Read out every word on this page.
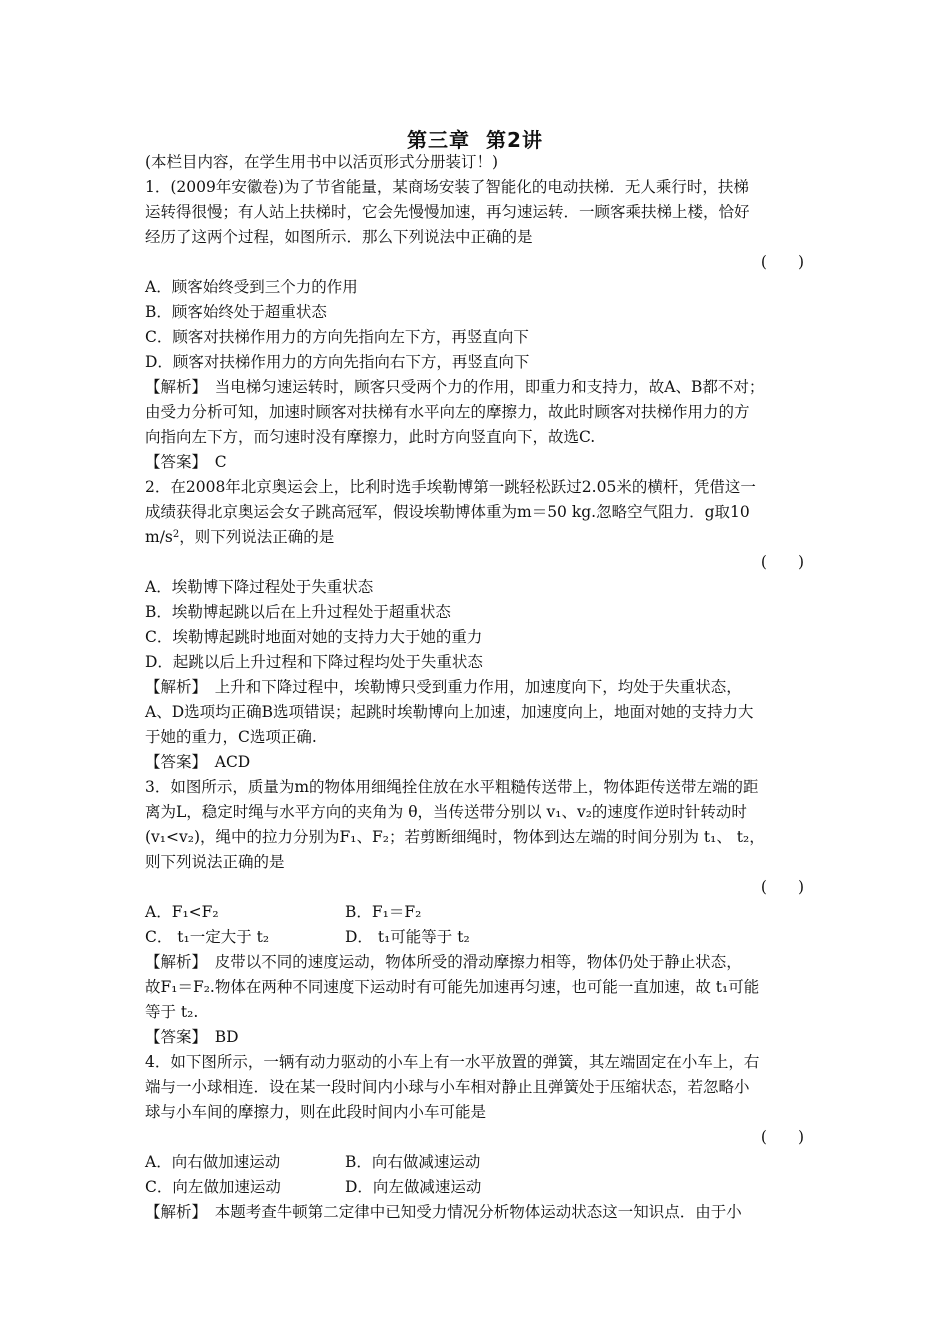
第三章 第2讲
(本栏目内容，在学生用书中以活页形式分册装订！)
1．(2009年安徽卷)为了节省能量，某商场安装了智能化的电动扶梯．无人乘行时，扶梯
运转得很慢；有人站上扶梯时，它会先慢慢加速，再匀速运转．一顾客乘扶梯上楼，恰好
经历了这两个过程，如图所示．那么下列说法中正确的是
(　　)
A．顾客始终受到三个力的作用
B．顾客始终处于超重状态
C．顾客对扶梯作用力的方向先指向左下方，再竖直向下
D．顾客对扶梯作用力的方向先指向右下方，再竖直向下
【解析】　当电梯匀速运转时，顾客只受两个力的作用，即重力和支持力，故A、B都不对；
由受力分析可知，加速时顾客对扶梯有水平向左的摩擦力，故此时顾客对扶梯作用力的方
向指向左下方，而匀速时没有摩擦力，此时方向竖直向下，故选C.
【答案】　C
2．在2008年北京奥运会上，比利时选手埃勒博第一跳轻松跃过2.05米的横杆，凭借这一
成绩获得北京奥运会女子跳高冠军，假设埃勒博体重为m＝50 kg.忽略空气阻力．g取10
$m/s^2$，则下列说法正确的是
(　　)
A．埃勒博下降过程处于失重状态
B．埃勒博起跳以后在上升过程处于超重状态
C．埃勒博起跳时地面对她的支持力大于她的重力
D．起跳以后上升过程和下降过程均处于失重状态
【解析】　上升和下降过程中，埃勒博只受到重力作用，加速度向下，均处于失重状态，
A、D选项均正确B选项错误；起跳时埃勒博向上加速，加速度向上，地面对她的支持力大
于她的重力，C选项正确.
【答案】　ACD
3．如图所示，质量为m的物体用细绳拴住放在水平粗糙传送带上，物体距传送带左端的距
离为L，稳定时绳与水平方向的夹角为 θ，当传送带分别以 v₁、v₂的速度作逆时针转动时
(v₁<v₂)，绳中的拉力分别为F₁、F₂；若剪断细绳时，物体到达左端的时间分别为 t₁、 t₂，
则下列说法正确的是
(　　)
A．F₁<F₂	B．F₁＝F₂
C． t₁一定大于 t₂	D． t₁可能等于 t₂
【解析】　皮带以不同的速度运动，物体所受的滑动摩擦力相等，物体仍处于静止状态，
故F₁＝F₂.物体在两种不同速度下运动时有可能先加速再匀速，也可能一直加速，故 t₁可能
等于 t₂.
【答案】　BD
4．如下图所示，一辆有动力驱动的小车上有一水平放置的弹簧，其左端固定在小车上，右
端与一小球相连．设在某一段时间内小球与小车相对静止且弹簧处于压缩状态，若忽略小
球与小车间的摩擦力，则在此段时间内小车可能是
(　　)
A．向右做加速运动	B．向右做减速运动
C．向左做加速运动	D．向左做减速运动
【解析】　本题考查牛顿第二定律中已知受力情况分析物体运动状态这一知识点．由于小
